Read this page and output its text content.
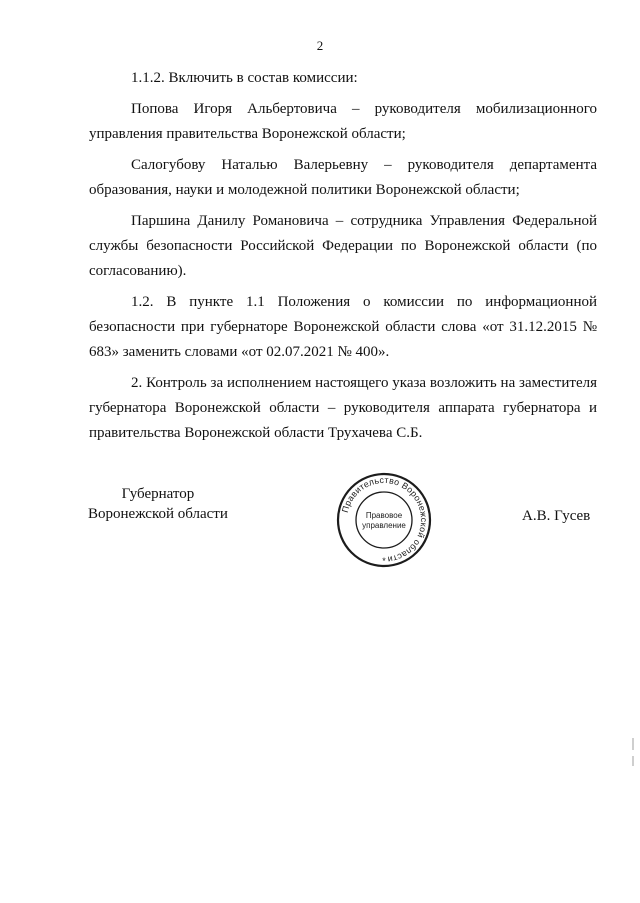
2

1.1.2. Включить в состав комиссии:

Попова Игоря Альбертовича – руководителя мобилизационного управления правительства Воронежской области;

Салогубову Наталью Валерьевну – руководителя департамента образования, науки и молодежной политики Воронежской области;

Паршина Данилу Романовича – сотрудника Управления Федеральной службы безопасности Российской Федерации по Воронежской области (по согласованию).

1.2. В пункте 1.1 Положения о комиссии по информационной безопасности при губернаторе Воронежской области слова «от 31.12.2015 № 683» заменить словами «от 02.07.2021 № 400».

2. Контроль за исполнением настоящего указа возложить на заместителя губернатора Воронежской области – руководителя аппарата губернатора и правительства Воронежской области Трухачева С.Б.

Губернатор
Воронежской области	Правительство Воронежской области
Правовое
управление
*
А.В. Гусев
